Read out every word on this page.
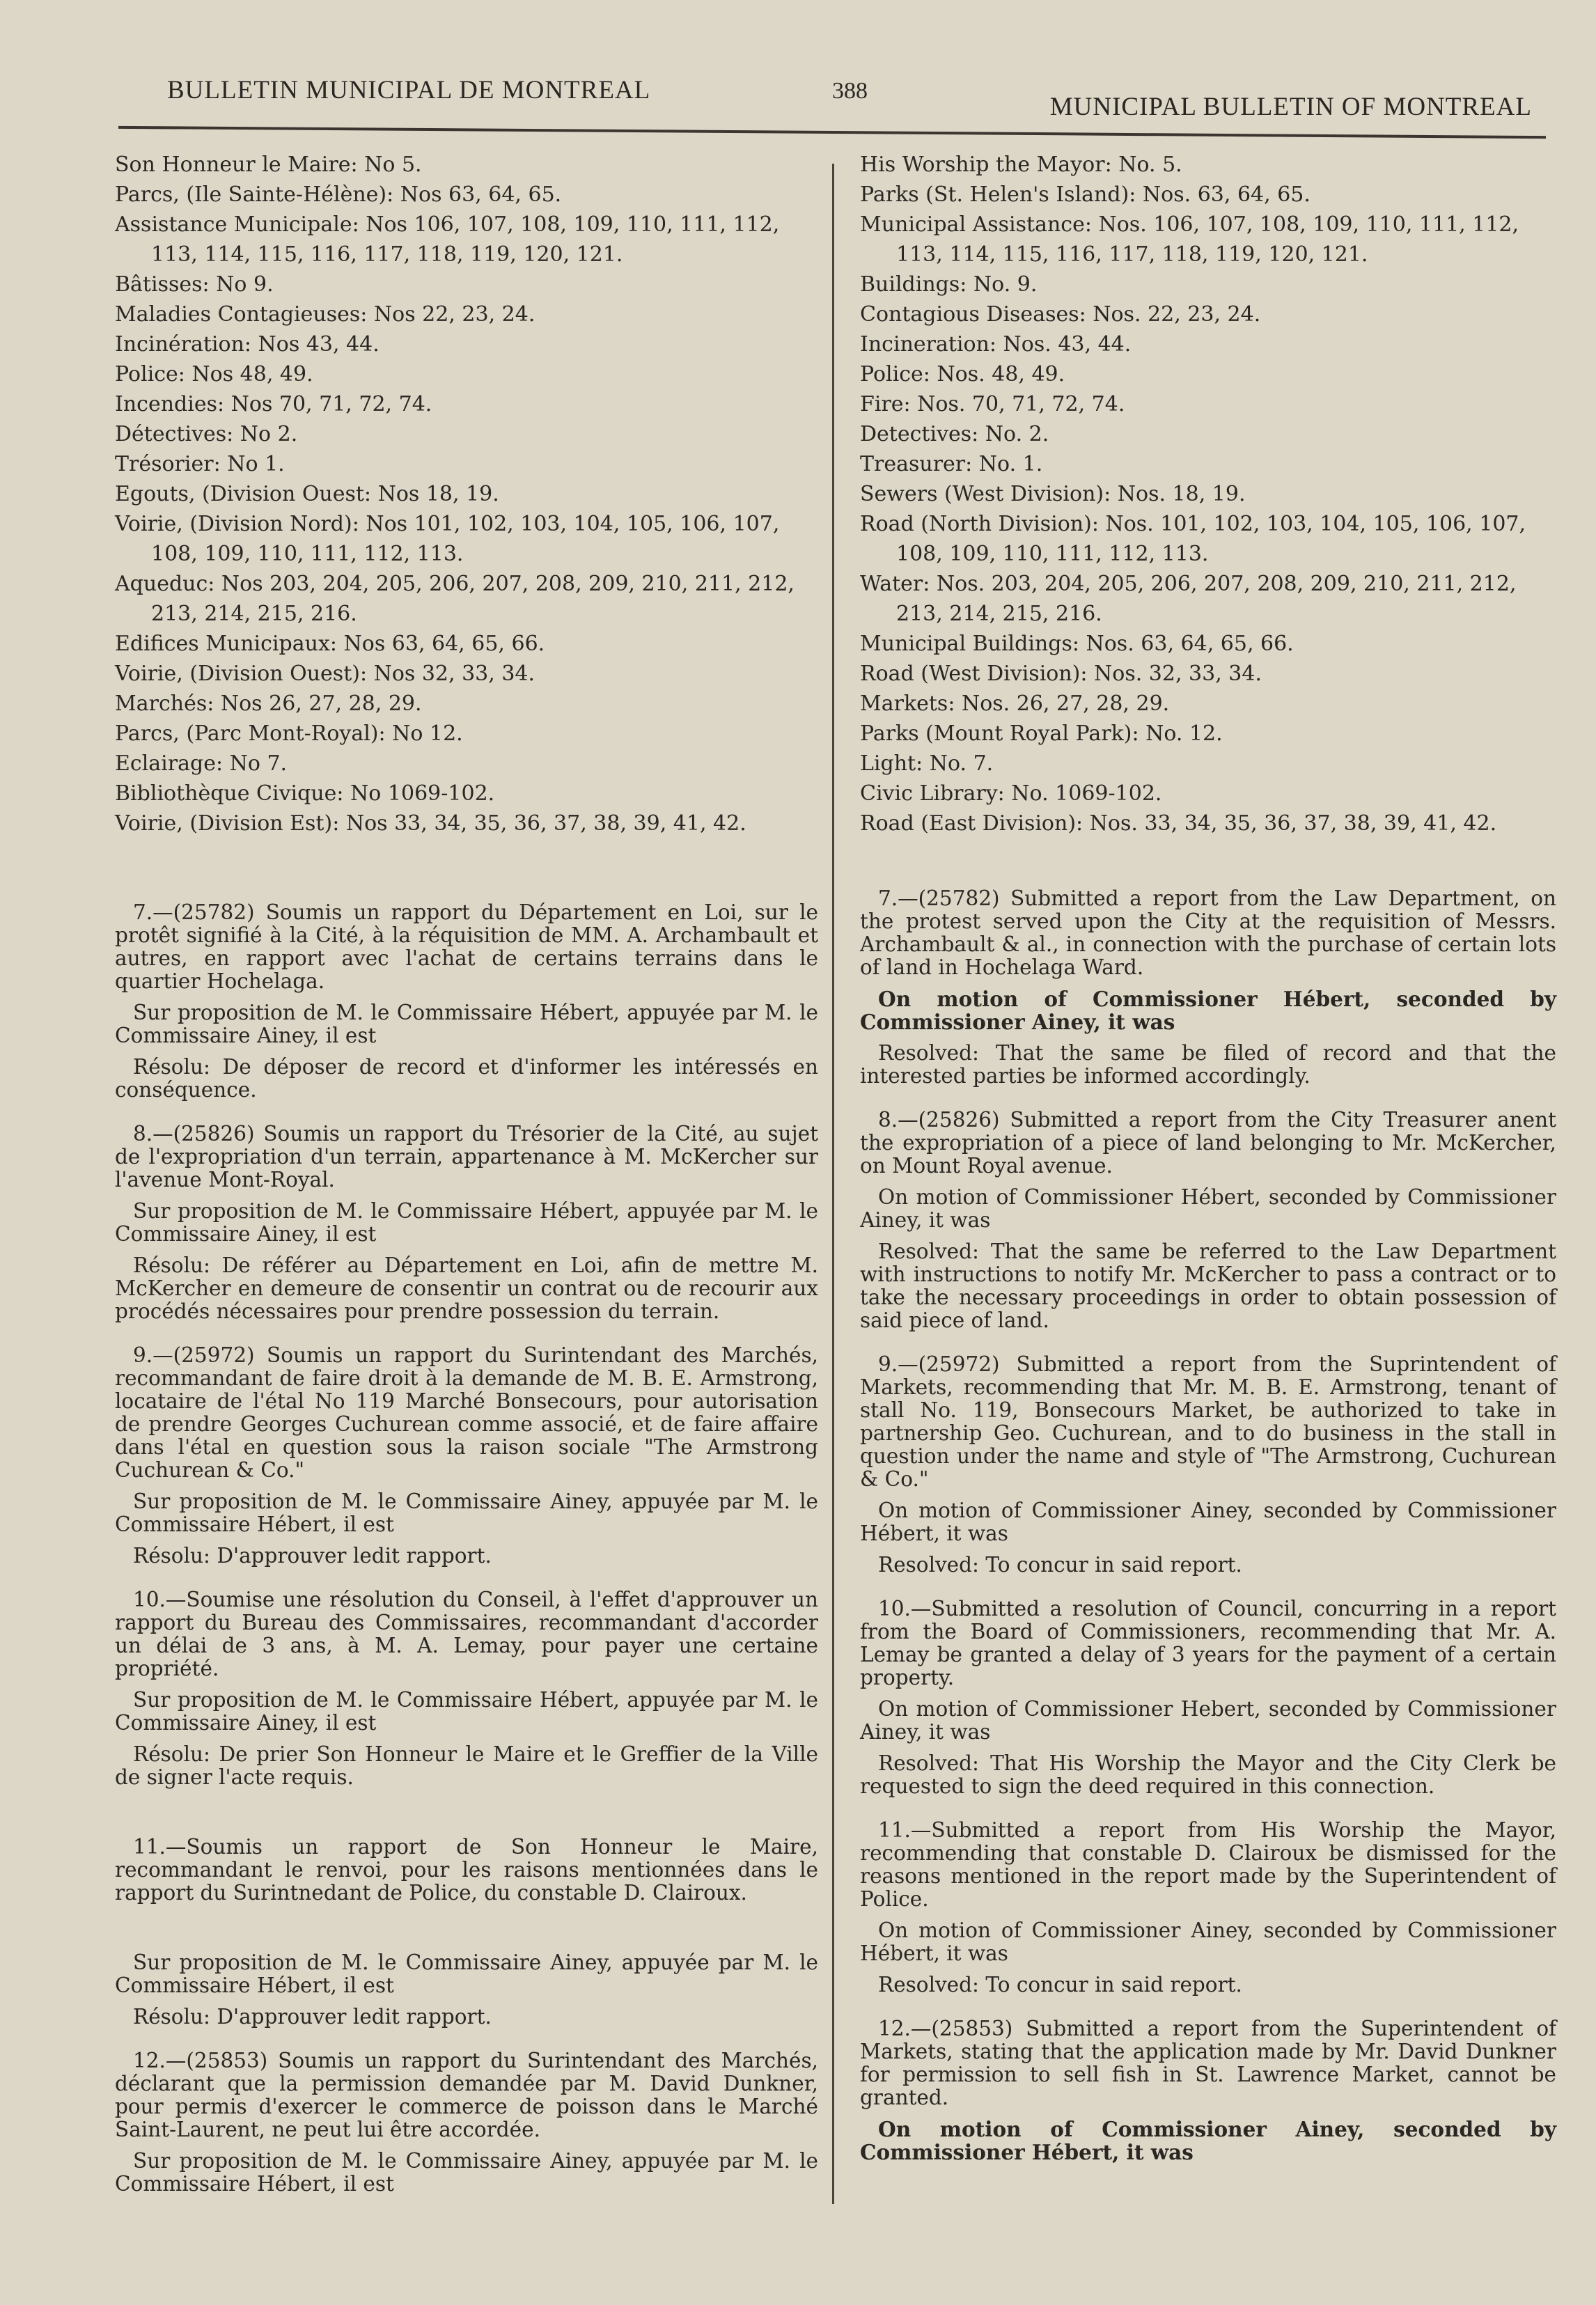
BULLETIN MUNICIPAL DE MONTREAL	388
MUNICIPAL BULLETIN OF MONTREAL

Son Honneur le Maire: No 5.

Parcs, (Ile Sainte-Hélène): Nos 63, 64, 65.

Assistance Municipale: Nos 106, 107, 108, 109, 110, 111, 112, 113, 114, 115, 116, 117, 118, 119, 120, 121.

Bâtisses: No 9.

Maladies Contagieuses: Nos 22, 23, 24.

Incinération: Nos 43, 44.

Police: Nos 48, 49.

Incendies: Nos 70, 71, 72, 74.

Détectives: No 2.

Trésorier: No 1.

Egouts, (Division Ouest: Nos 18, 19.

Voirie, (Division Nord): Nos 101, 102, 103, 104, 105, 106, 107, 108, 109, 110, 111, 112, 113.

Aqueduc: Nos 203, 204, 205, 206, 207, 208, 209, 210, 211, 212, 213, 214, 215, 216.

Edifices Municipaux: Nos 63, 64, 65, 66.

Voirie, (Division Ouest): Nos 32, 33, 34.

Marchés: Nos 26, 27, 28, 29.

Parcs, (Parc Mont-Royal): No 12.

Eclairage: No 7.

Bibliothèque Civique: No 1069-102.

Voirie, (Division Est): Nos 33, 34, 35, 36, 37, 38, 39, 41, 42.

7.—(25782) Soumis un rapport du Département en Loi, sur le protêt signifié à la Cité, à la réquisition de MM. A. Archambault et autres, en rapport avec l'achat de certains terrains dans le quartier Hochelaga.

Sur proposition de M. le Commissaire Hébert, appuyée par M. le Commissaire Ainey, il est

Résolu: De déposer de record et d'informer les intéressés en conséquence.

8.—(25826) Soumis un rapport du Trésorier de la Cité, au sujet de l'expropriation d'un terrain, appartenance à M. McKercher sur l'avenue Mont-Royal.

Sur proposition de M. le Commissaire Hébert, appuyée par M. le Commissaire Ainey, il est

Résolu: De référer au Département en Loi, afin de mettre M. McKercher en demeure de consentir un contrat ou de recourir aux procédés nécessaires pour prendre possession du terrain.

9.—(25972) Soumis un rapport du Surintendant des Marchés, recommandant de faire droit à la demande de M. B. E. Armstrong, locataire de l'étal No 119 Marché Bonsecours, pour autorisation de prendre Georges Cuchurean comme associé, et de faire affaire dans l'étal en question sous la raison sociale "The Armstrong Cuchurean & Co."

Sur proposition de M. le Commissaire Ainey, appuyée par M. le Commissaire Hébert, il est

Résolu: D'approuver ledit rapport.

10.—Soumise une résolution du Conseil, à l'effet d'approuver un rapport du Bureau des Commissaires, recommandant d'accorder un délai de 3 ans, à M. A. Lemay, pour payer une certaine propriété.

Sur proposition de M. le Commissaire Hébert, appuyée par M. le Commissaire Ainey, il est

Résolu: De prier Son Honneur le Maire et le Greffier de la Ville de signer l'acte requis.

11.—Soumis un rapport de Son Honneur le Maire, recommandant le renvoi, pour les raisons mentionnées dans le rapport du Surintnedant de Police, du constable D. Clairoux.

Sur proposition de M. le Commissaire Ainey, appuyée par M. le Commissaire Hébert, il est

Résolu: D'approuver ledit rapport.

12.—(25853) Soumis un rapport du Surintendant des Marchés, déclarant que la permission demandée par M. David Dunkner, pour permis d'exercer le commerce de poisson dans le Marché Saint-Laurent, ne peut lui être accordée.

Sur proposition de M. le Commissaire Ainey, appuyée par M. le Commissaire Hébert, il est

His Worship the Mayor: No. 5.

Parks (St. Helen's Island): Nos. 63, 64, 65.

Municipal Assistance: Nos. 106, 107, 108, 109, 110, 111, 112, 113, 114, 115, 116, 117, 118, 119, 120, 121.

Buildings: No. 9.

Contagious Diseases: Nos. 22, 23, 24.

Incineration: Nos. 43, 44.

Police: Nos. 48, 49.

Fire: Nos. 70, 71, 72, 74.

Detectives: No. 2.

Treasurer: No. 1.

Sewers (West Division): Nos. 18, 19.

Road (North Division): Nos. 101, 102, 103, 104, 105, 106, 107, 108, 109, 110, 111, 112, 113.

Water: Nos. 203, 204, 205, 206, 207, 208, 209, 210, 211, 212, 213, 214, 215, 216.

Municipal Buildings: Nos. 63, 64, 65, 66.

Road (West Division): Nos. 32, 33, 34.

Markets: Nos. 26, 27, 28, 29.

Parks (Mount Royal Park): No. 12.

Light: No. 7.

Civic Library: No. 1069-102.

Road (East Division): Nos. 33, 34, 35, 36, 37, 38, 39, 41, 42.

7.—(25782) Submitted a report from the Law Department, on the protest served upon the City at the requisition of Messrs. Archambault & al., in connection with the purchase of certain lots of land in Hochelaga Ward.

On motion of Commissioner Hébert, seconded by Commissioner Ainey, it was

Resolved: That the same be filed of record and that the interested parties be informed accordingly.

8.—(25826) Submitted a report from the City Treasurer anent the expropriation of a piece of land belonging to Mr. McKercher, on Mount Royal avenue.

On motion of Commissioner Hébert, seconded by Commissioner Ainey, it was

Resolved: That the same be referred to the Law Department with instructions to notify Mr. McKercher to pass a contract or to take the necessary proceedings in order to obtain possession of said piece of land.

9.—(25972) Submitted a report from the Suprintendent of Markets, recommending that Mr. M. B. E. Armstrong, tenant of stall No. 119, Bonsecours Market, be authorized to take in partnership Geo. Cuchurean, and to do business in the stall in question under the name and style of "The Armstrong, Cuchurean & Co."

On motion of Commissioner Ainey, seconded by Commissioner Hébert, it was

Resolved: To concur in said report.

10.—Submitted a resolution of Council, concurring in a report from the Board of Commissioners, recommending that Mr. A. Lemay be granted a delay of 3 years for the payment of a certain property.

On motion of Commissioner Hebert, seconded by Commissioner Ainey, it was

Resolved: That His Worship the Mayor and the City Clerk be requested to sign the deed required in this connection.

11.—Submitted a report from His Worship the Mayor, recommending that constable D. Clairoux be dismissed for the reasons mentioned in the report made by the Superintendent of Police.

On motion of Commissioner Ainey, seconded by Commissioner Hébert, it was

Resolved: To concur in said report.

12.—(25853) Submitted a report from the Superintendent of Markets, stating that the application made by Mr. David Dunkner for permission to sell fish in St. Lawrence Market, cannot be granted.

On motion of Commissioner Ainey, seconded by Commissioner Hébert, it was
